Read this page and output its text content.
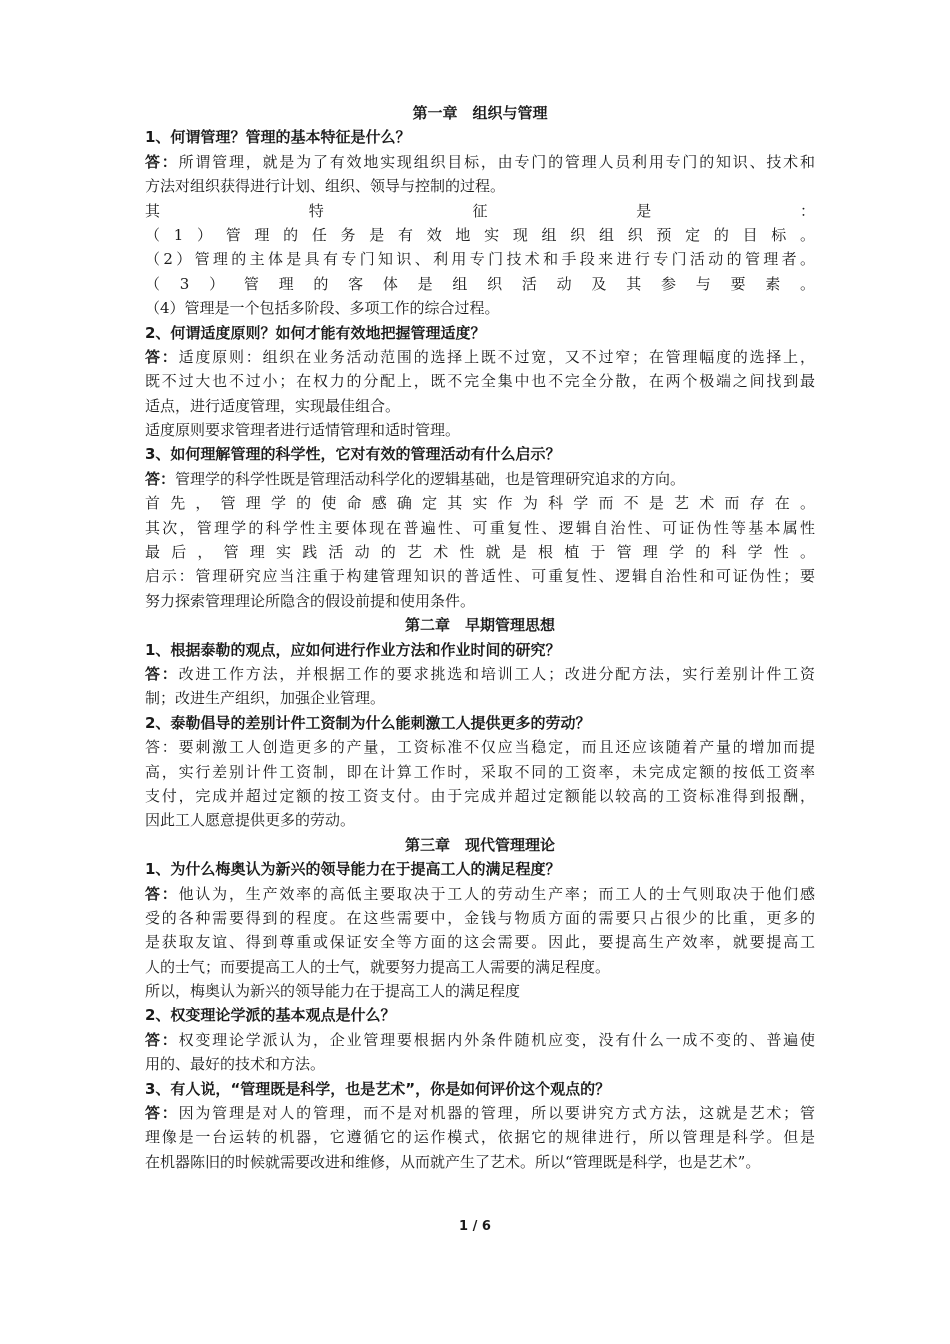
第一章　组织与管理
1、何谓管理？管理的基本特征是什么？
答：所谓管理，就是为了有效地实现组织目标，由专门的管理人员利用专门的知识、技术和
方法对组织获得进行计划、组织、领导与控制的过程。
其特征是：
（1）管理的任务是有效地实现组织组织预定的目标。
（2）管理的主体是具有专门知识、利用专门技术和手段来进行专门活动的管理者。
（3）管理的客体是组织活动及其参与要素。
（4）管理是一个包括多阶段、多项工作的综合过程。
2、何谓适度原则？如何才能有效地把握管理适度？
答：适度原则：组织在业务活动范围的选择上既不过宽，又不过窄；在管理幅度的选择上，
既不过大也不过小；在权力的分配上，既不完全集中也不完全分散，在两个极端之间找到最
适点，进行适度管理，实现最佳组合。
适度原则要求管理者进行适情管理和适时管理。
3、如何理解管理的科学性，它对有效的管理活动有什么启示？
答：管理学的科学性既是管理活动科学化的逻辑基础，也是管理研究追求的方向。
首先，管理学的使命感确定其实作为科学而不是艺术而存在。
其次，管理学的科学性主要体现在普遍性、可重复性、逻辑自治性、可证伪性等基本属性
最后，管理实践活动的艺术性就是根植于管理学的科学性。
启示：管理研究应当注重于构建管理知识的普适性、可重复性、逻辑自治性和可证伪性；要
努力探索管理理论所隐含的假设前提和使用条件。
第二章　早期管理思想
1、根据泰勒的观点，应如何进行作业方法和作业时间的研究？
答：改进工作方法，并根据工作的要求挑选和培训工人；改进分配方法，实行差别计件工资
制；改进生产组织，加强企业管理。
2、泰勒倡导的差别计件工资制为什么能刺激工人提供更多的劳动？
答：要刺激工人创造更多的产量，工资标准不仅应当稳定，而且还应该随着产量的增加而提
高，实行差别计件工资制，即在计算工作时，采取不同的工资率，未完成定额的按低工资率
支付，完成并超过定额的按工资支付。由于完成并超过定额能以较高的工资标准得到报酬，
因此工人愿意提供更多的劳动。
第三章　现代管理理论
1、为什么梅奥认为新兴的领导能力在于提高工人的满足程度？
答：他认为，生产效率的高低主要取决于工人的劳动生产率；而工人的士气则取决于他们感
受的各种需要得到的程度。在这些需要中，金钱与物质方面的需要只占很少的比重，更多的
是获取友谊、得到尊重或保证安全等方面的这会需要。因此，要提高生产效率，就要提高工
人的士气；而要提高工人的士气，就要努力提高工人需要的满足程度。
所以，梅奥认为新兴的领导能力在于提高工人的满足程度
2、权变理论学派的基本观点是什么？
答：权变理论学派认为，企业管理要根据内外条件随机应变，没有什么一成不变的、普遍使
用的、最好的技术和方法。
3、有人说，“管理既是科学，也是艺术”，你是如何评价这个观点的？
答：因为管理是对人的管理，而不是对机器的管理，所以要讲究方式方法，这就是艺术；管
理像是一台运转的机器，它遵循它的运作模式，依据它的规律进行，所以管理是科学。但是
在机器陈旧的时候就需要改进和维修，从而就产生了艺术。所以“管理既是科学，也是艺术”。
1 / 6
